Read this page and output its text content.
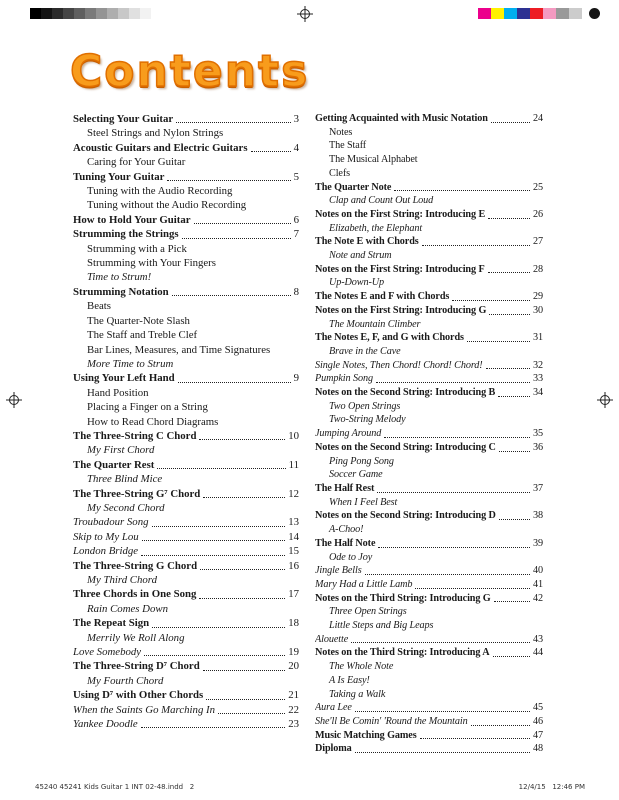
Contents
Selecting Your Guitar	3
Steel Strings and Nylon Strings
Acoustic Guitars and Electric Guitars	4
Caring for Your Guitar
Tuning Your Guitar	5
Tuning with the Audio Recording
Tuning without the Audio Recording
How to Hold Your Guitar	6
Strumming the Strings	7
Strumming with a Pick
Strumming with Your Fingers
Time to Strum!
Strumming Notation	8
Beats
The Quarter-Note Slash
The Staff and Treble Clef
Bar Lines, Measures, and Time Signatures
More Time to Strum
Using Your Left Hand	9
Hand Position
Placing a Finger on a String
How to Read Chord Diagrams
The Three-String C Chord	10
My First Chord
The Quarter Rest	11
Three Blind Mice
The Three-String G⁷ Chord	12
My Second Chord
Troubadour Song	13
Skip to My Lou	14
London Bridge	15
The Three-String G Chord	16
My Third Chord
Three Chords in One Song	17
Rain Comes Down
The Repeat Sign	18
Merrily We Roll Along
Love Somebody	19
The Three-String D⁷ Chord	20
My Fourth Chord
Using D⁷ with Other Chords	21
When the Saints Go Marching In	22
Yankee Doodle	23
Getting Acquainted with Music Notation	24
Notes
The Staff
The Musical Alphabet
Clefs
The Quarter Note	25
Clap and Count Out Loud
Notes on the First String: Introducing E	26
Elizabeth, the Elephant
The Note E with Chords	27
Note and Strum
Notes on the First String: Introducing F	28
Up-Down-Up
The Notes E and F with Chords	29
Notes on the First String: Introducing G	30
The Mountain Climber
The Notes E, F, and G with Chords	31
Brave in the Cave
Single Notes, Then Chord! Chord! Chord!	32
Pumpkin Song	33
Notes on the Second String: Introducing B	34
Two Open Strings
Two-String Melody
Jumping Around	35
Notes on the Second String: Introducing C	36
Ping Pong Song
Soccer Game
The Half Rest	37
When I Feel Best
Notes on the Second String: Introducing D	38
A-Choo!
The Half Note	39
Ode to Joy
Jingle Bells	40
Mary Had a Little Lamb	41
Notes on the Third String: Introducing G	42
Three Open Strings
Little Steps and Big Leaps
Alouette	43
Notes on the Third String: Introducing A	44
The Whole Note
A Is Easy!
Taking a Walk
Aura Lee	45
She'll Be Comin' 'Round the Mountain	46
Music Matching Games	47
Diploma	48
45240 45241 Kids Guitar 1 INT 02-48.indd   2	12/4/15   12:46 PM
